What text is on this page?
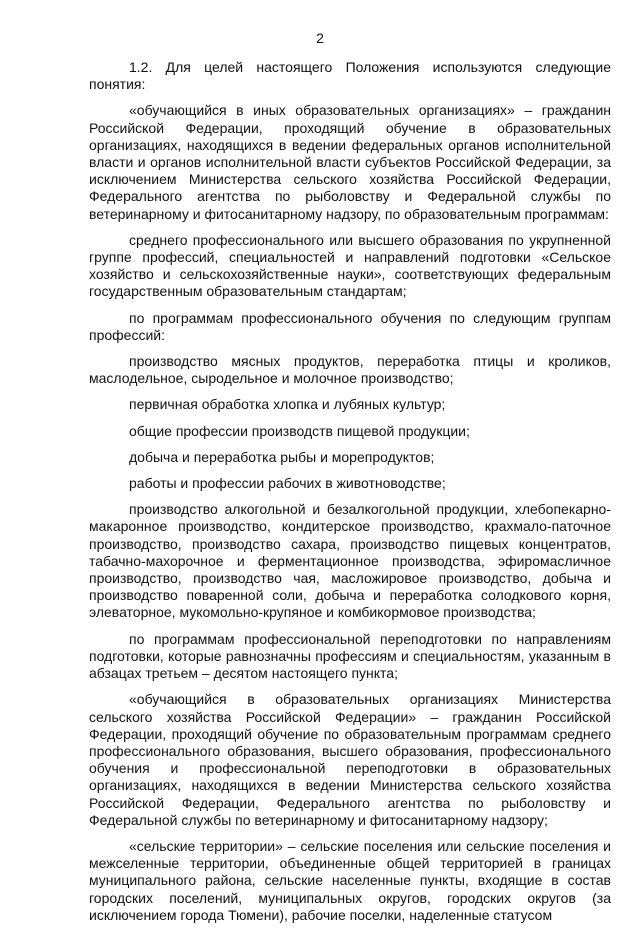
2

1.2. Для целей настоящего Положения используются следующие понятия:

«обучающийся в иных образовательных организациях» – гражданин Российской Федерации, проходящий обучение в образовательных организациях, находящихся в ведении федеральных органов исполнительной власти и органов исполнительной власти субъектов Российской Федерации, за исключением Министерства сельского хозяйства Российской Федерации, Федерального агентства по рыболовству и Федеральной службы по ветеринарному и фитосанитарному надзору, по образовательным программам:

среднего профессионального или высшего образования по укрупненной группе профессий, специальностей и направлений подготовки «Сельское хозяйство и сельскохозяйственные науки», соответствующих федеральным государственным образовательным стандартам;

по программам профессионального обучения по следующим группам профессий:

производство мясных продуктов, переработка птицы и кроликов, маслодельное, сыродельное и молочное производство;

первичная обработка хлопка и лубяных культур;

общие профессии производств пищевой продукции;

добыча и переработка рыбы и морепродуктов;

работы и профессии рабочих в животноводстве;

производство алкогольной и безалкогольной продукции, хлебопекарно-макаронное производство, кондитерское производство, крахмало-паточное производство, производство сахара, производство пищевых концентратов, табачно-махорочное и ферментационное производства, эфиромасличное производство, производство чая, масложировое производство, добыча и производство поваренной соли, добыча и переработка солодкового корня, элеваторное, мукомольно-крупяное и комбикормовое производства;

по программам профессиональной переподготовки по направлениям подготовки, которые равнозначны профессиям и специальностям, указанным в абзацах третьем – десятом настоящего пункта;

«обучающийся в образовательных организациях Министерства сельского хозяйства Российской Федерации» – гражданин Российской Федерации, проходящий обучение по образовательным программам среднего профессионального образования, высшего образования, профессионального обучения и профессиональной переподготовки в образовательных организациях, находящихся в ведении Министерства сельского хозяйства Российской Федерации, Федерального агентства по рыболовству и Федеральной службы по ветеринарному и фитосанитарному надзору;

«сельские территории» – сельские поселения или сельские поселения и межселенные территории, объединенные общей территорией в границах муниципального района, сельские населенные пункты, входящие в состав городских поселений, муниципальных округов, городских округов (за исключением города Тюмени), рабочие поселки, наделенные статусом
